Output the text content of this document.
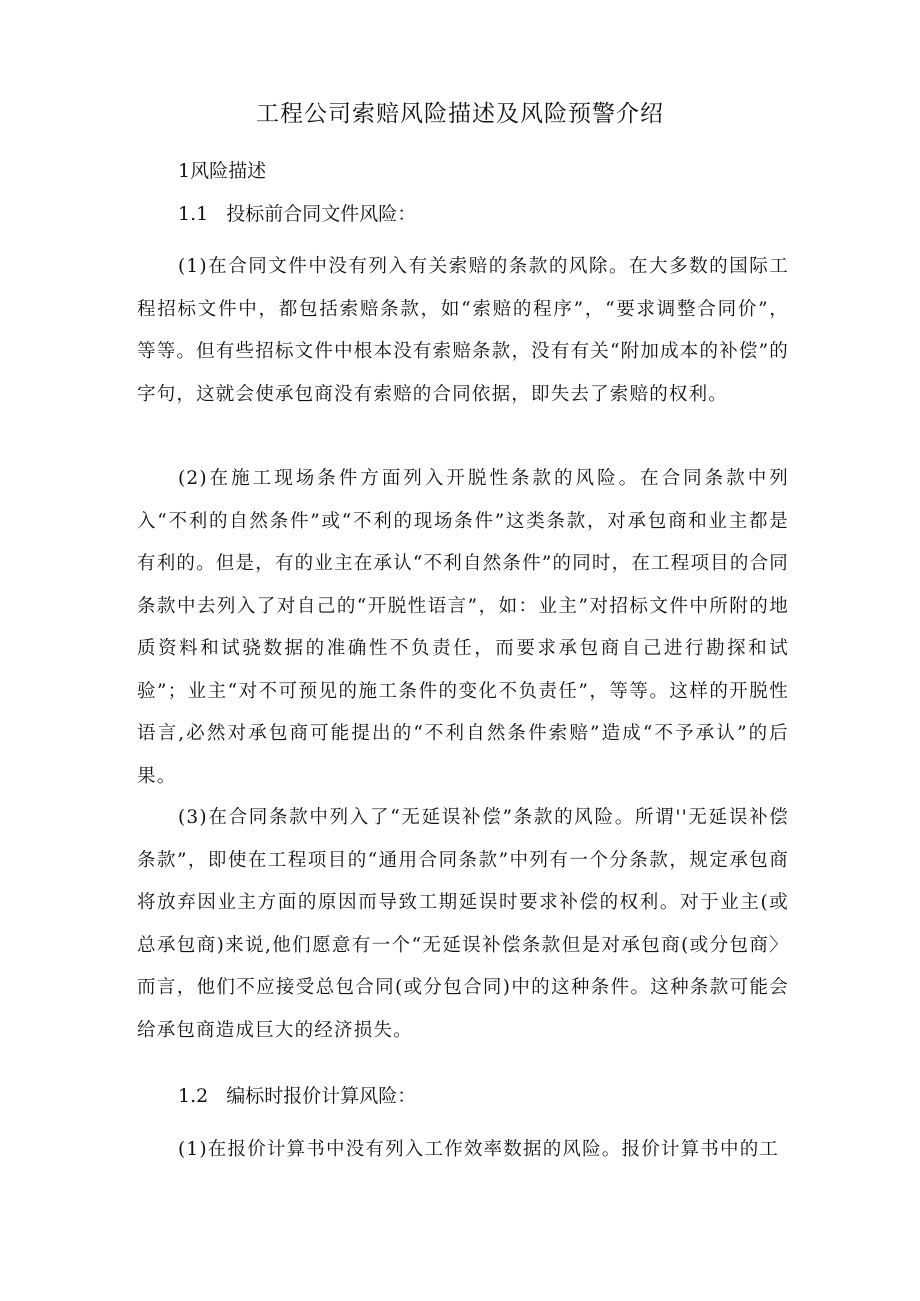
工程公司索赔风险描述及风险预警介绍
1风险描述
1.1 投标前合同文件风险：

(1)在合同文件中没有列入有关索赔的条款的风除。在大多数的国际工程招标文件中，都包括索赔条款，如“索赔的程序”，“要求调整合同价”，等等。但有些招标文件中根本没有索赔条款，没有有关“附加成本的补偿”的字句，这就会使承包商没有索赔的合同依据，即失去了索赔的权利。

(2)在施工现场条件方面列入开脱性条款的风险。在合同条款中列入“不利的自然条件”或“不利的现场条件”这类条款，对承包商和业主都是有利的。但是，有的业主在承认“不利自然条件”的同时，在工程项目的合同条款中去列入了对自己的“开脱性语言”，如：业主”对招标文件中所附的地质资料和试骁数据的准确性不负责任，而要求承包商自己进行勘探和试验”；业主“对不可预见的施工条件的变化不负责任”，等等。这样的开脱性语言,必然对承包商可能提出的“不利自然条件索赔”造成“不予承认”的后果。

(3)在合同条款中列入了“无延误补偿”条款的风险。所谓''无延误补偿条款”，即使在工程项目的“通用合同条款”中列有一个分条款，规定承包商将放弃因业主方面的原因而导致工期延误时要求补偿的权利。对于业主(或总承包商)来说,他们愿意有一个“无延误补偿条款但是对承包商(或分包商〉而言，他们不应接受总包合同(或分包合同)中的这种条件。这种条款可能会给承包商造成巨大的经济损失。

1.2 编标时报价计算风险：

(1)在报价计算书中没有列入工作效率数据的风险。报价计算书中的工
